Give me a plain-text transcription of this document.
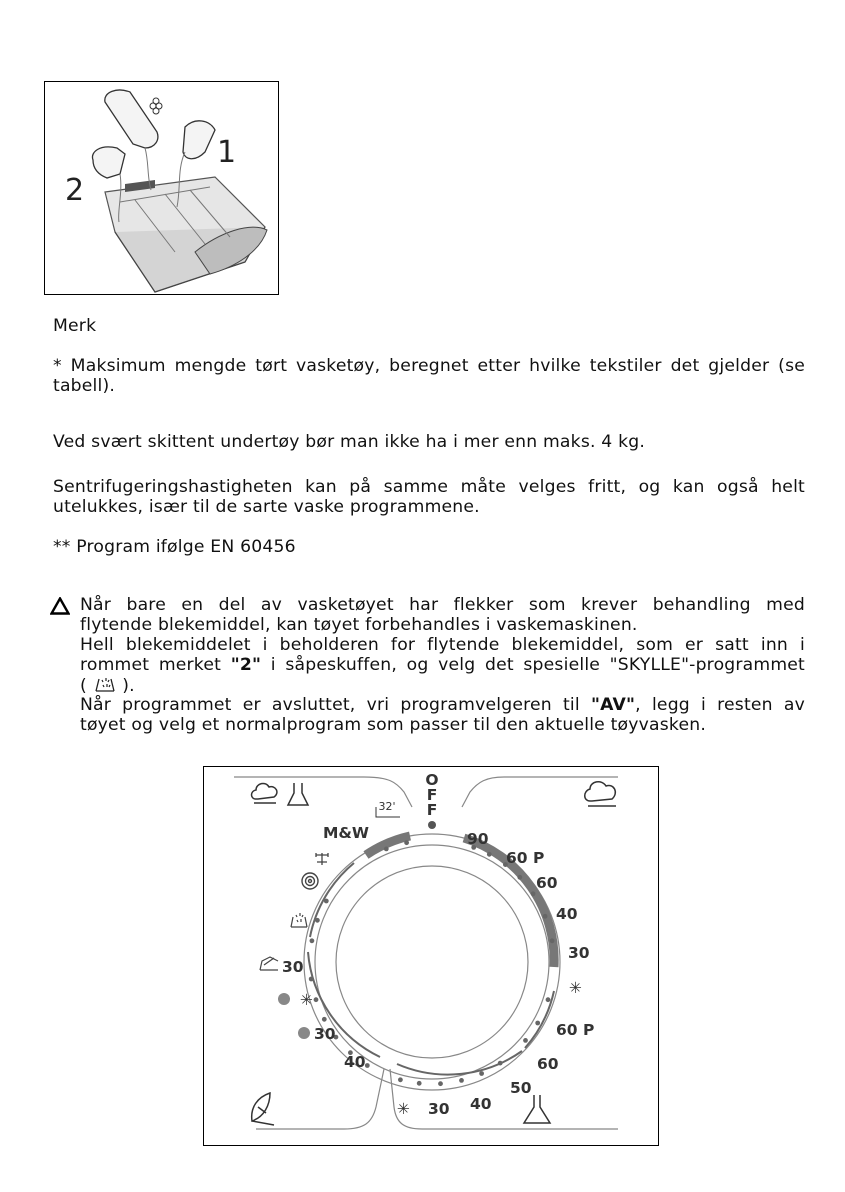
1
2
Merk
* Maksimum mengde tørt vasketøy, beregnet etter hvilke tekstiler det gjelder (se
tabell).
Ved svært skittent undertøy bør man ikke ha i mer enn maks. 4 kg.
Sentrifugeringshastigheten kan på samme måte velges fritt, og kan også helt
utelukkes, især til de sarte vaske programmene.
** Program ifølge EN 60456
Når bare en del av vasketøyet har flekker som krever behandling med
flytende blekemiddel, kan tøyet forbehandles i vaskemaskinen.
Hell blekemiddelet i beholderen for flytende blekemiddel, som er satt inn i
rommet merket "2" i såpeskuffen, og velg det spesielle "SKYLLE"-programmet
(  ).
Når programmet er avsluttet, vri programvelgeren til "AV", legg i resten av
tøyet og velg et normalprogram som passer til den aktuelle tøyvasken.
O
F
F
M&W
32'
90
60 P
60
40
30
✳
60 P
60
50
40
30
✳
30
✳
30
40
